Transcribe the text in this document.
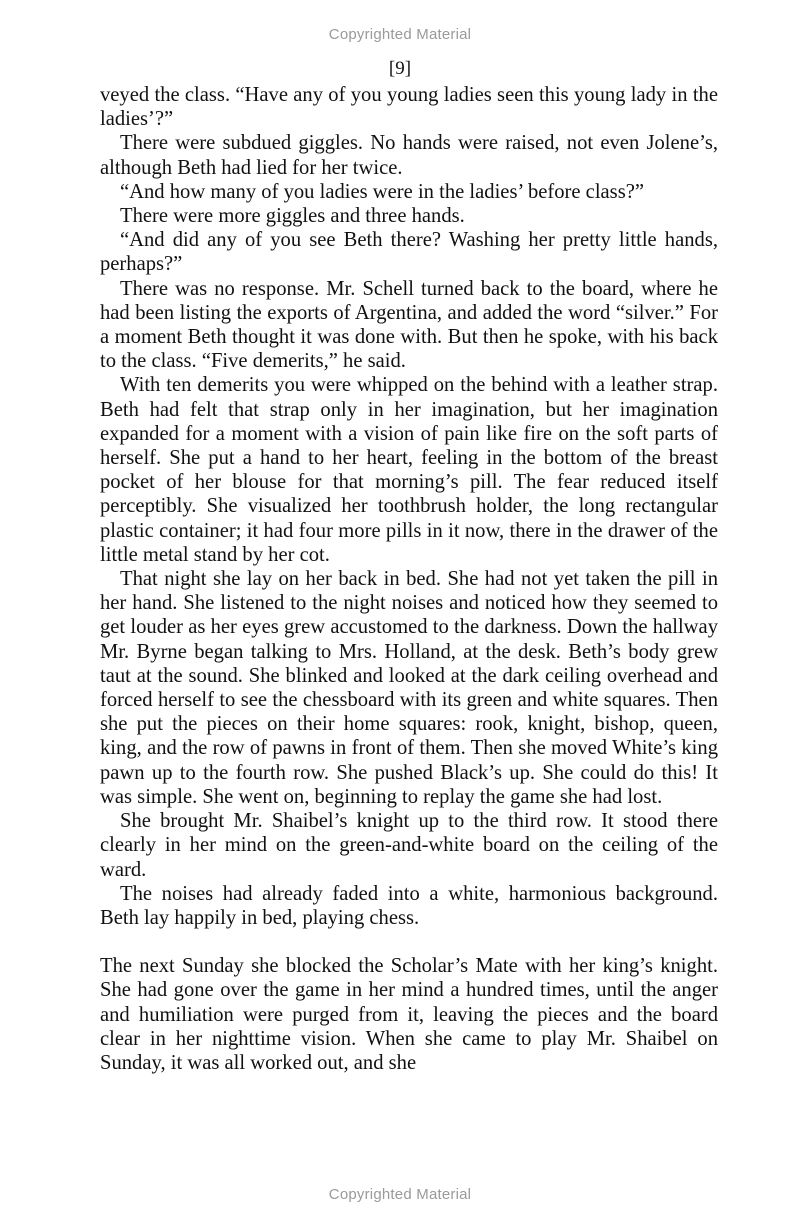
Copyrighted Material
[9]

veyed the class. “Have any of you young ladies seen this young lady in the ladies’?”

There were subdued giggles. No hands were raised, not even Jolene’s, although Beth had lied for her twice.

“And how many of you ladies were in the ladies’ before class?”

There were more giggles and three hands.

“And did any of you see Beth there? Washing her pretty little hands, perhaps?”

There was no response. Mr. Schell turned back to the board, where he had been listing the exports of Argentina, and added the word “silver.” For a moment Beth thought it was done with. But then he spoke, with his back to the class. “Five demerits,” he said.

With ten demerits you were whipped on the behind with a leather strap. Beth had felt that strap only in her imagination, but her imagination expanded for a moment with a vision of pain like fire on the soft parts of herself. She put a hand to her heart, feeling in the bottom of the breast pocket of her blouse for that morning’s pill. The fear reduced itself perceptibly. She visualized her toothbrush holder, the long rectangular plastic container; it had four more pills in it now, there in the drawer of the little metal stand by her cot.

That night she lay on her back in bed. She had not yet taken the pill in her hand. She listened to the night noises and noticed how they seemed to get louder as her eyes grew accustomed to the darkness. Down the hallway Mr. Byrne began talking to Mrs. Holland, at the desk. Beth’s body grew taut at the sound. She blinked and looked at the dark ceiling overhead and forced herself to see the chessboard with its green and white squares. Then she put the pieces on their home squares: rook, knight, bishop, queen, king, and the row of pawns in front of them. Then she moved White’s king pawn up to the fourth row. She pushed Black’s up. She could do this! It was simple. She went on, beginning to replay the game she had lost.

She brought Mr. Shaibel’s knight up to the third row. It stood there clearly in her mind on the green-and-white board on the ceiling of the ward.

The noises had already faded into a white, harmonious background. Beth lay happily in bed, playing chess.

The next Sunday she blocked the Scholar’s Mate with her king’s knight. She had gone over the game in her mind a hundred times, until the anger and humiliation were purged from it, leaving the pieces and the board clear in her nighttime vision. When she came to play Mr. Shaibel on Sunday, it was all worked out, and she

Copyrighted Material
